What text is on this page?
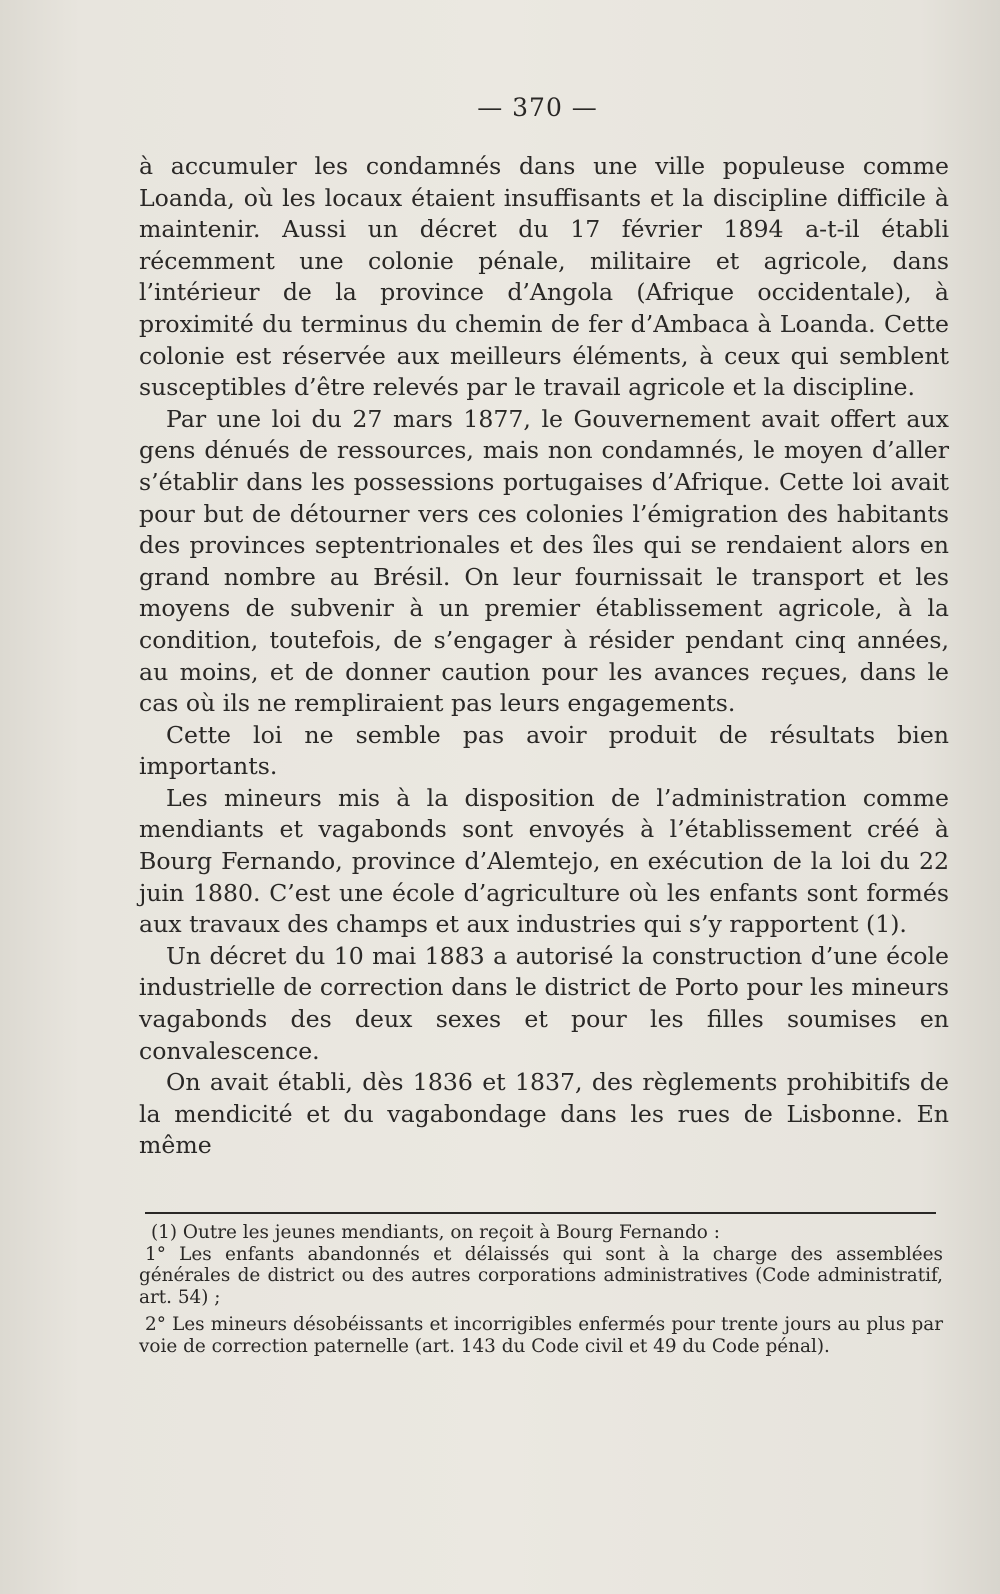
— 370 —

à accumuler les condamnés dans une ville populeuse comme Loanda, où les locaux étaient insuffisants et la discipline difficile à maintenir. Aussi un décret du 17 février 1894 a-t-il établi récemment une colonie pénale, militaire et agricole, dans l’intérieur de la province d’Angola (Afrique occidentale), à proximité du terminus du chemin de fer d’Ambaca à Loanda. Cette colonie est réservée aux meilleurs éléments, à ceux qui semblent susceptibles d’être relevés par le travail agricole et la discipline.

Par une loi du 27 mars 1877, le Gouvernement avait offert aux gens dénués de ressources, mais non condamnés, le moyen d’aller s’établir dans les possessions portugaises d’Afrique. Cette loi avait pour but de détourner vers ces colonies l’émigration des habitants des provinces septentrionales et des îles qui se rendaient alors en grand nombre au Brésil. On leur fournissait le transport et les moyens de subvenir à un premier établissement agricole, à la condition, toutefois, de s’engager à résider pendant cinq années, au moins, et de donner caution pour les avances reçues, dans le cas où ils ne rempliraient pas leurs engagements.

Cette loi ne semble pas avoir produit de résultats bien importants.

Les mineurs mis à la disposition de l’administration comme mendiants et vagabonds sont envoyés à l’établissement créé à Bourg Fernando, province d’Alemtejo, en exécution de la loi du 22 juin 1880. C’est une école d’agriculture où les enfants sont formés aux travaux des champs et aux industries qui s’y rapportent (1).

Un décret du 10 mai 1883 a autorisé la construction d’une école industrielle de correction dans le district de Porto pour les mineurs vagabonds des deux sexes et pour les filles soumises en convalescence.

On avait établi, dès 1836 et 1837, des règlements prohibitifs de la mendicité et du vagabondage dans les rues de Lisbonne. En même

(1) Outre les jeunes mendiants, on reçoit à Bourg Fernando :

1° Les enfants abandonnés et délaissés qui sont à la charge des assemblées générales de district ou des autres corporations administratives (Code administratif, art. 54) ;

2° Les mineurs désobéissants et incorrigibles enfermés pour trente jours au plus par voie de correction paternelle (art. 143 du Code civil et 49 du Code pénal).
